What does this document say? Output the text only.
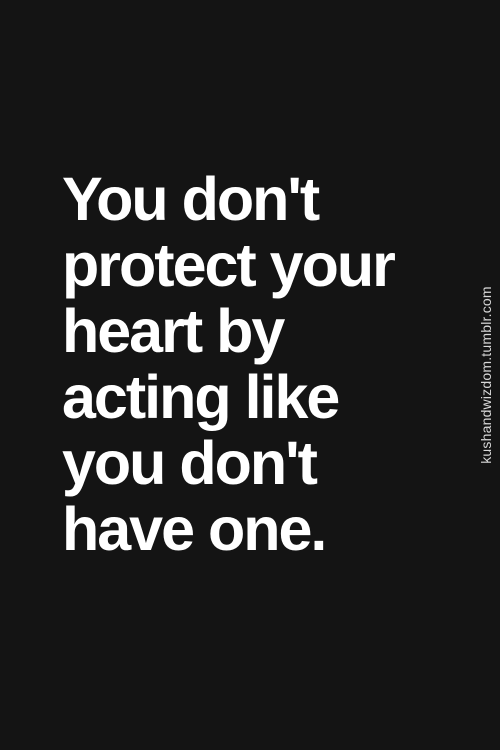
You don't
protect your
heart by
acting like
you don't
have one.

kushandwizdom.tumblr.com
